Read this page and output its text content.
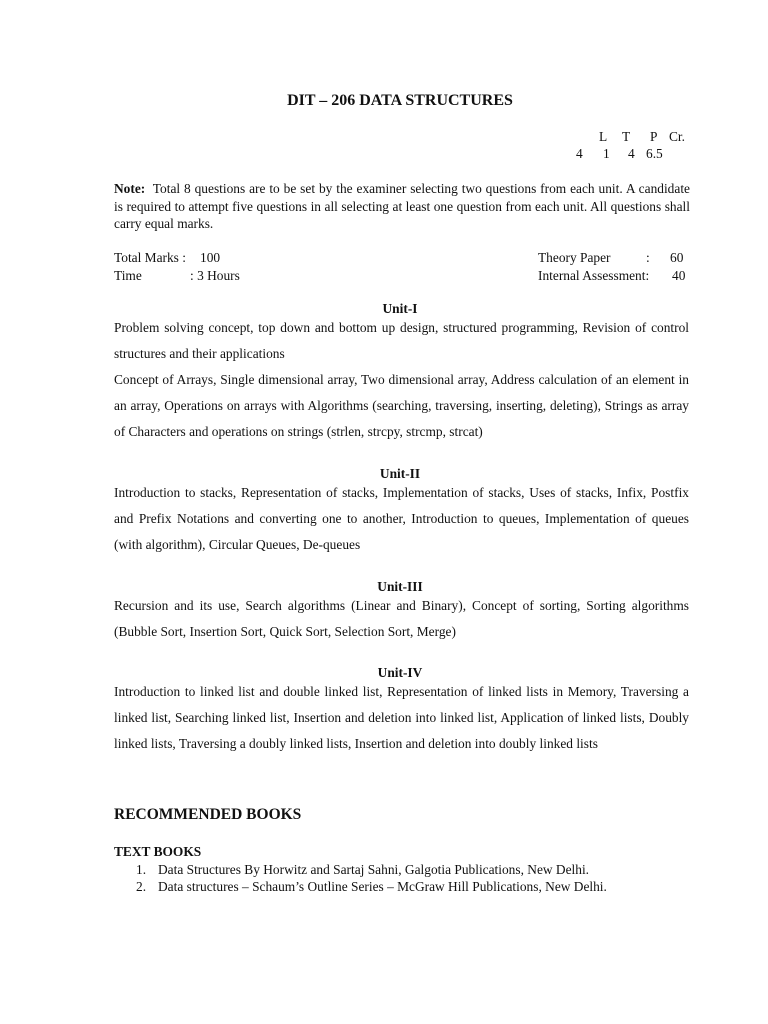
DIT – 206 DATA STRUCTURES
L T P Cr.
4 1 4 6.5
Note: Total 8 questions are to be set by the examiner selecting two questions from each unit. A candidate is required to attempt five questions in all selecting at least one question from each unit. All questions shall carry equal marks.
Total Marks : 100
Time	: 3 Hours
Theory Paper	: 60
Internal Assessment: 40
Unit-I

Problem solving concept, top down and bottom up design, structured programming, Revision of control structures and their applications

Concept of Arrays, Single dimensional array, Two dimensional array, Address calculation of an element in an array, Operations on arrays with Algorithms (searching, traversing, inserting, deleting), Strings as array of Characters and operations on strings (strlen, strcpy, strcmp, strcat)

Unit-II

Introduction to stacks, Representation of stacks, Implementation of stacks, Uses of stacks, Infix, Postfix and Prefix Notations and converting one to another, Introduction to queues, Implementation of queues (with algorithm), Circular Queues, De-queues

Unit-III

Recursion and its use, Search algorithms (Linear and Binary), Concept of sorting, Sorting algorithms (Bubble Sort, Insertion Sort, Quick Sort, Selection Sort, Merge)

Unit-IV

Introduction to linked list and double linked list, Representation of linked lists in Memory, Traversing a linked list, Searching linked list, Insertion and deletion into linked list, Application of linked lists, Doubly linked lists, Traversing a doubly linked lists, Insertion and deletion into doubly linked lists

RECOMMENDED BOOKS
TEXT BOOKS
1. Data Structures By Horwitz and Sartaj Sahni, Galgotia Publications, New Delhi.
2. Data structures – Schaum’s Outline Series – McGraw Hill Publications, New Delhi.
